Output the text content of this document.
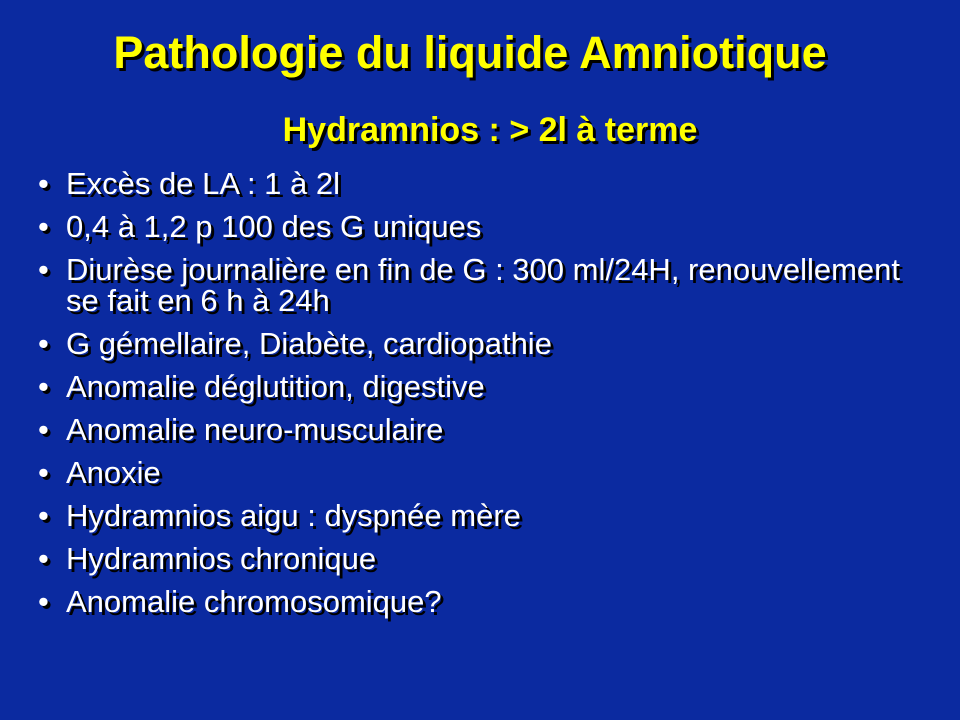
Pathologie du liquide Amniotique
Hydramnios : > 2l à terme
• Excès de LA : 1 à 2l
• 0,4 à 1,2 p 100 des G uniques
• Diurèse journalière en fin de G : 300 ml/24H, renouvellement se fait en 6 h à 24h
• G gémellaire, Diabète, cardiopathie
• Anomalie déglutition, digestive
• Anomalie neuro-musculaire
• Anoxie
• Hydramnios aigu : dyspnée mère
• Hydramnios chronique
• Anomalie chromosomique?
